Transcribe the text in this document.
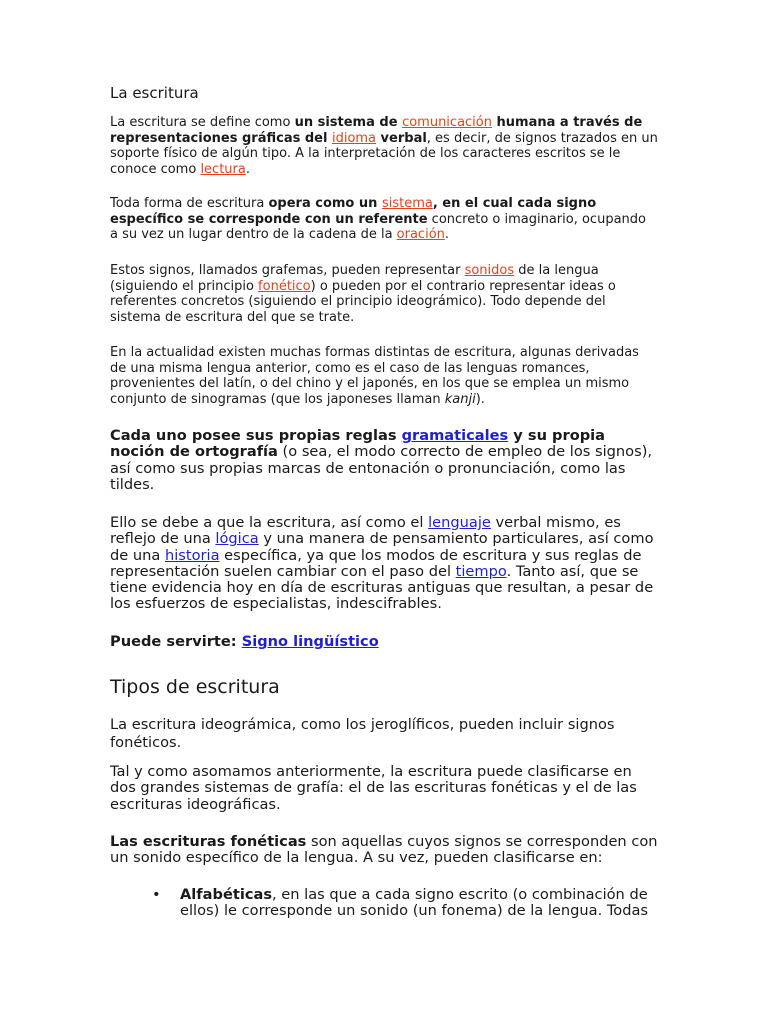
La escritura

La escritura se define como un sistema de comunicación humana a través de representaciones gráficas del idioma verbal, es decir, de signos trazados en un soporte físico de algún tipo. A la interpretación de los caracteres escritos se le conoce como lectura.

Toda forma de escritura opera como un sistema, en el cual cada signo específico se corresponde con un referente concreto o imaginario, ocupando a su vez un lugar dentro de la cadena de la oración.

Estos signos, llamados grafemas, pueden representar sonidos de la lengua (siguiendo el principio fonético) o pueden por el contrario representar ideas o referentes concretos (siguiendo el principio ideográmico). Todo depende del sistema de escritura del que se trate.

En la actualidad existen muchas formas distintas de escritura, algunas derivadas de una misma lengua anterior, como es el caso de las lenguas romances, provenientes del latín, o del chino y el japonés, en los que se emplea un mismo conjunto de sinogramas (que los japoneses llaman kanji).

Cada uno posee sus propias reglas gramaticales y su propia noción de ortografía (o sea, el modo correcto de empleo de los signos), así como sus propias marcas de entonación o pronunciación, como las tildes.

Ello se debe a que la escritura, así como el lenguaje verbal mismo, es reflejo de una lógica y una manera de pensamiento particulares, así como de una historia específica, ya que los modos de escritura y sus reglas de representación suelen cambiar con el paso del tiempo. Tanto así, que se tiene evidencia hoy en día de escrituras antiguas que resultan, a pesar de los esfuerzos de especialistas, indescifrables.

Puede servirte: Signo lingüístico

Tipos de escritura

La escritura ideográmica, como los jeroglíficos, pueden incluir signos fonéticos.

Tal y como asomamos anteriormente, la escritura puede clasificarse en dos grandes sistemas de grafía: el de las escrituras fonéticas y el de las escrituras ideográficas.

Las escrituras fonéticas son aquellas cuyos signos se corresponden con un sonido específico de la lengua. A su vez, pueden clasificarse en:

• Alfabéticas, en las que a cada signo escrito (o combinación de ellos) le corresponde un sonido (un fonema) de la lengua. Todas
